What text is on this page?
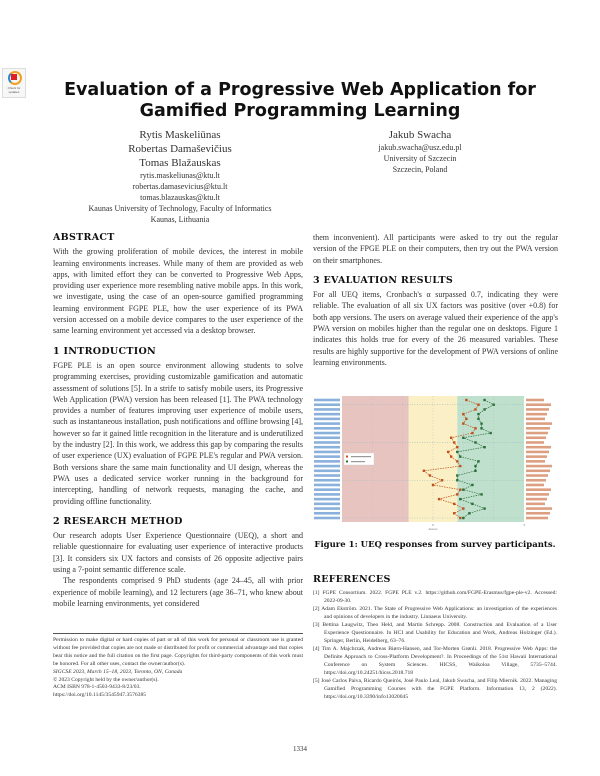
Check for updates	Evaluation of a Progressive Web Application for Gamified Programming Learning
Rytis Maskeliūnas
Robertas Damaševičius
Tomas Blažauskas
rytis.maskeliunas@ktu.lt
robertas.damasevicius@ktu.lt
tomas.blazauskas@ktu.lt
Kaunas University of Technology, Faculty of Informatics
Kaunas, Lithuania
Jakub Swacha
jakub.swacha@usz.edu.pl
University of Szczecin
Szczecin, Poland
ABSTRACT

With the growing proliferation of mobile devices, the interest in mobile learning environments increases. While many of them are provided as web apps, with limited effort they can be converted to Progressive Web Apps, providing user experience more resembling native mobile apps. In this work, we investigate, using the case of an open-source gamified programming learning environment FGPE PLE, how the user experience of its PWA version accessed on a mobile device compares to the user experience of the same learning environment yet accessed via a desktop browser.

1 INTRODUCTION

FGPE PLE is an open source environment allowing students to solve programming exercises, providing customizable gamification and automatic assessment of solutions [5]. In a strife to satisfy mobile users, its Progressive Web Application (PWA) version has been released [1]. The PWA technology provides a number of features improving user experience of mobile users, such as instantaneous installation, push notifications and offline browsing [4], however so far it gained little recognition in the literature and is underutilized by the industry [2]. In this work, we address this gap by comparing the results of user experience (UX) evaluation of FGPE PLE's regular and PWA version. Both versions share the same main functionality and UI design, whereas the PWA uses a dedicated service worker running in the background for intercepting, handling of network requests, managing the cache, and providing offline functionality.

2 RESEARCH METHOD

Our research adopts User Experience Questionnaire (UEQ), a short and reliable questionnaire for evaluating user experience of interactive products [3]. It considers six UX factors and consists of 26 opposite adjective pairs using a 7-point semantic difference scale.

The respondents comprised 9 PhD students (age 24–45, all with prior experience of mobile learning), and 12 lecturers (age 36–71, who knew about mobile learning environments, yet considered

Permission to make digital or hard copies of part or all of this work for personal or classroom use is granted without fee provided that copies are not made or distributed for profit or commercial advantage and that copies bear this notice and the full citation on the first page. Copyrights for third-party components of this work must be honored. For all other uses, contact the owner/author(s).
SIGCSE 2023, March 15–18, 2023, Toronto, ON, Canada
© 2023 Copyright held by the owner/author(s).
ACM ISBN 978-1-4503-9433-8/23/03.
https://doi.org/10.1145/3545947.3576385

them inconvenient). All participants were asked to try out the regular version of the FPGE PLE on their computers, then try out the PWA version on their smartphones.

3 EVALUATION RESULTS

For all UEQ items, Cronbach's α surpassed 0.7, indicating they were reliable. The evaluation of all six UX factors was positive (over +0.8) for both app versions. The users on average valued their experience of the app's PWA version on mobiles higher than the regular one on desktops. Figure 1 indicates this holds true for every of the 26 measured variables. These results are highly supportive for the development of PWA versions of online learning environments.

0	3
Answer
Figure 1: UEQ responses from survey participants.
REFERENCES
[1] FGPE Consortium. 2022. FGPE PLE v.2. https://github.com/FGPE-Erasmus/fgpe-ple-v2. Accessed: 2022-09-30.
[2] Adam Ekström. 2021. The State of Progressive Web Applications: an investigation of the experiences and opinions of developers in the industry. Linnaeus University.
[3] Bettina Laugwitz, Theo Held, and Martin Schrepp. 2008. Construction and Evaluation of a User Experience Questionnaire. In HCI and Usability for Education and Work, Andreas Holzinger (Ed.). Springer, Berlin, Heidelberg, 63–76.
[4] Tim A. Majchrzak, Andreas Biørn-Hansen, and Tor-Morten Grønli. 2018. Progressive Web Apps: the Definite Approach to Cross-Platform Development?. In Proceedings of the 51st Hawaii International Conference on System Sciences. HICSS, Waikoloa Village, 5735–5744. https://doi.org/10.24251/hicss.2018.718
[5] José Carlos Paiva, Ricardo Queirós, José Paulo Leal, Jakub Swacha, and Filip Miernik. 2022. Managing Gamified Programming Courses with the FGPE Platform. Information 13, 2 (2022). https://doi.org/10.3390/info13020045
1334
